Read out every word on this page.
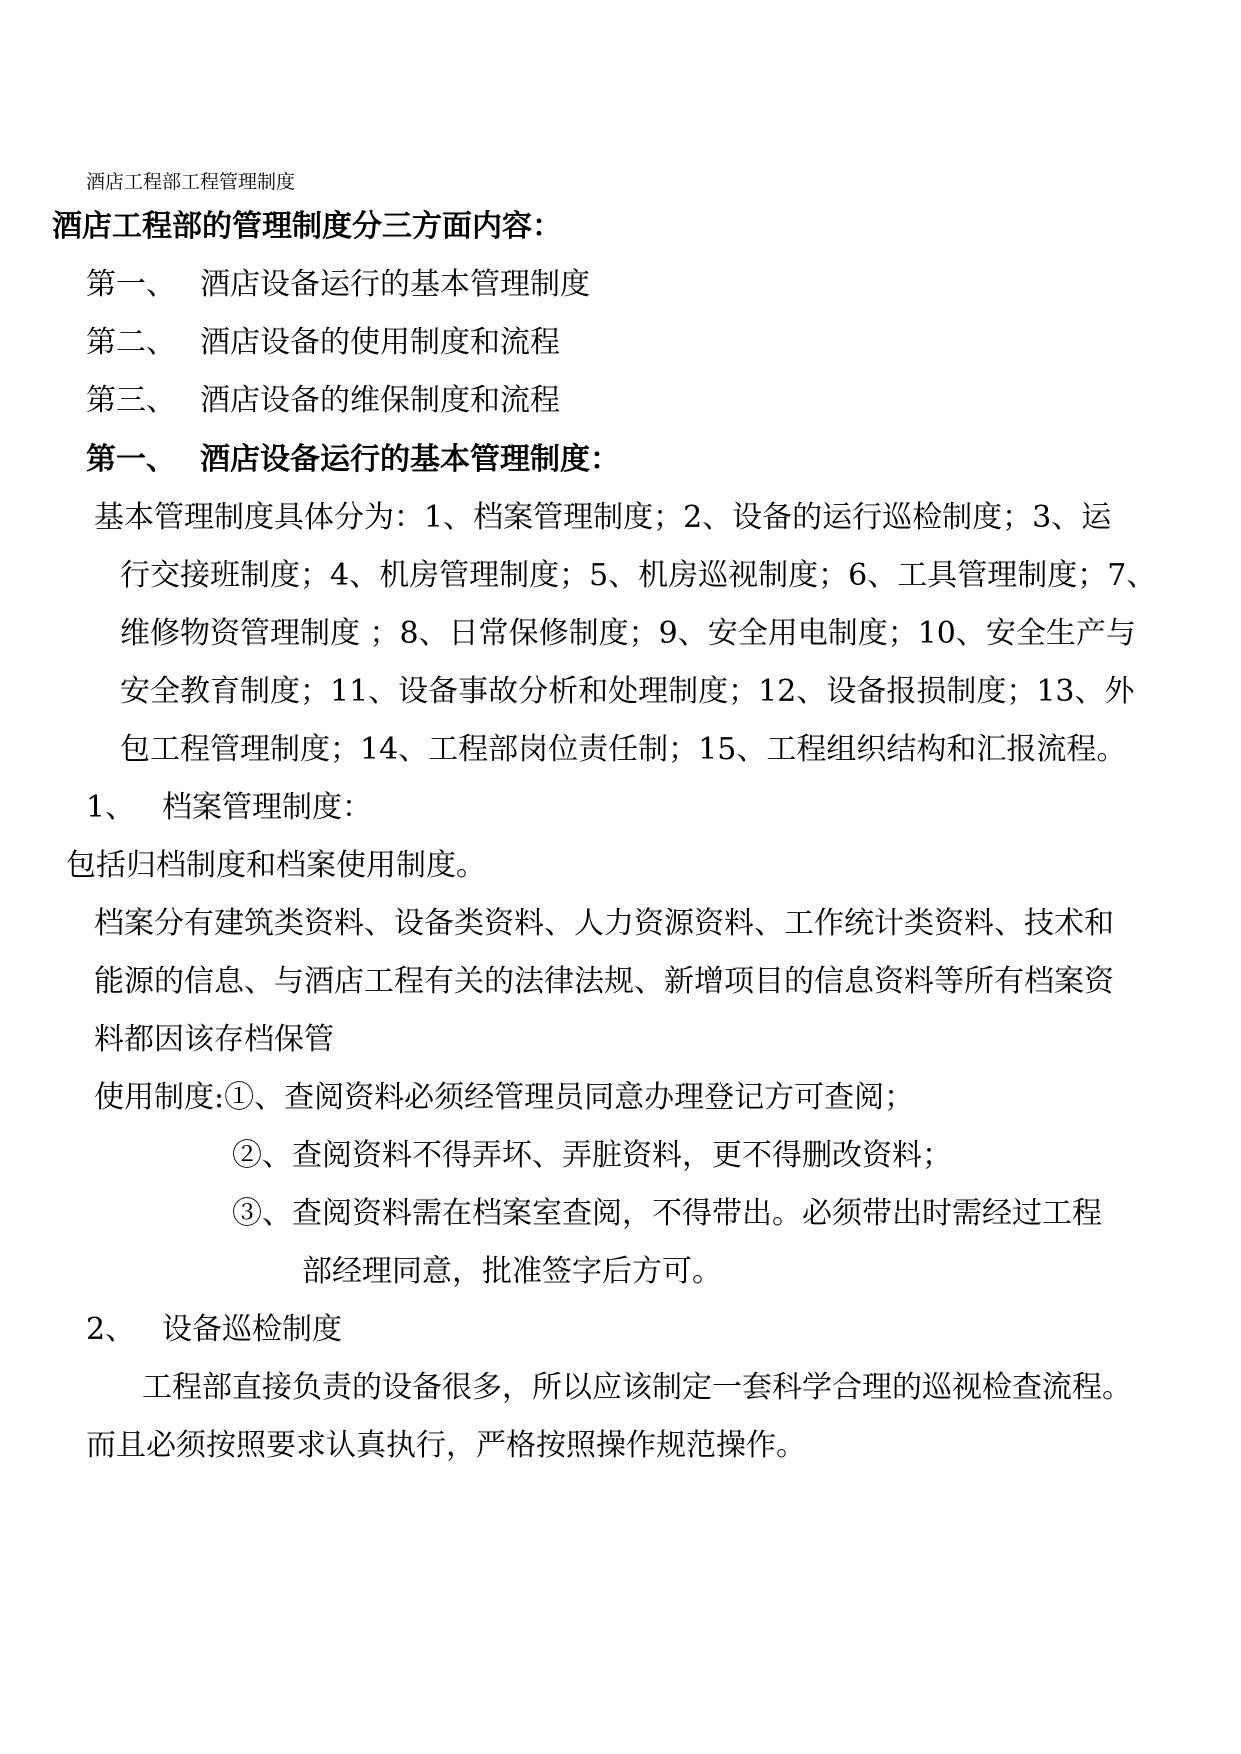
酒店工程部工程管理制度
酒店工程部的管理制度分三方面内容：
第一、 酒店设备运行的基本管理制度
第二、 酒店设备的使用制度和流程
第三、 酒店设备的维保制度和流程
第一、 酒店设备运行的基本管理制度：
基本管理制度具体分为：1、档案管理制度；2、设备的运行巡检制度；3、运
行交接班制度；4、机房管理制度；5、机房巡视制度；6、工具管理制度；7、
维修物资管理制度 ；8、日常保修制度；9、安全用电制度；10、安全生产与
安全教育制度；11、设备事故分析和处理制度；12、设备报损制度；13、外
包工程管理制度；14、工程部岗位责任制；15、工程组织结构和汇报流程。
1、 档案管理制度：
包括归档制度和档案使用制度。
档案分有建筑类资料、设备类资料、人力资源资料、工作统计类资料、技术和
能源的信息、与酒店工程有关的法律法规、新增项目的信息资料等所有档案资
料都因该存档保管
使用制度:①、查阅资料必须经管理员同意办理登记方可查阅；
②、查阅资料不得弄坏、弄脏资料，更不得删改资料；
③、查阅资料需在档案室查阅，不得带出。必须带出时需经过工程
部经理同意，批准签字后方可。
2、 设备巡检制度
工程部直接负责的设备很多，所以应该制定一套科学合理的巡视检查流程。
而且必须按照要求认真执行，严格按照操作规范操作。
